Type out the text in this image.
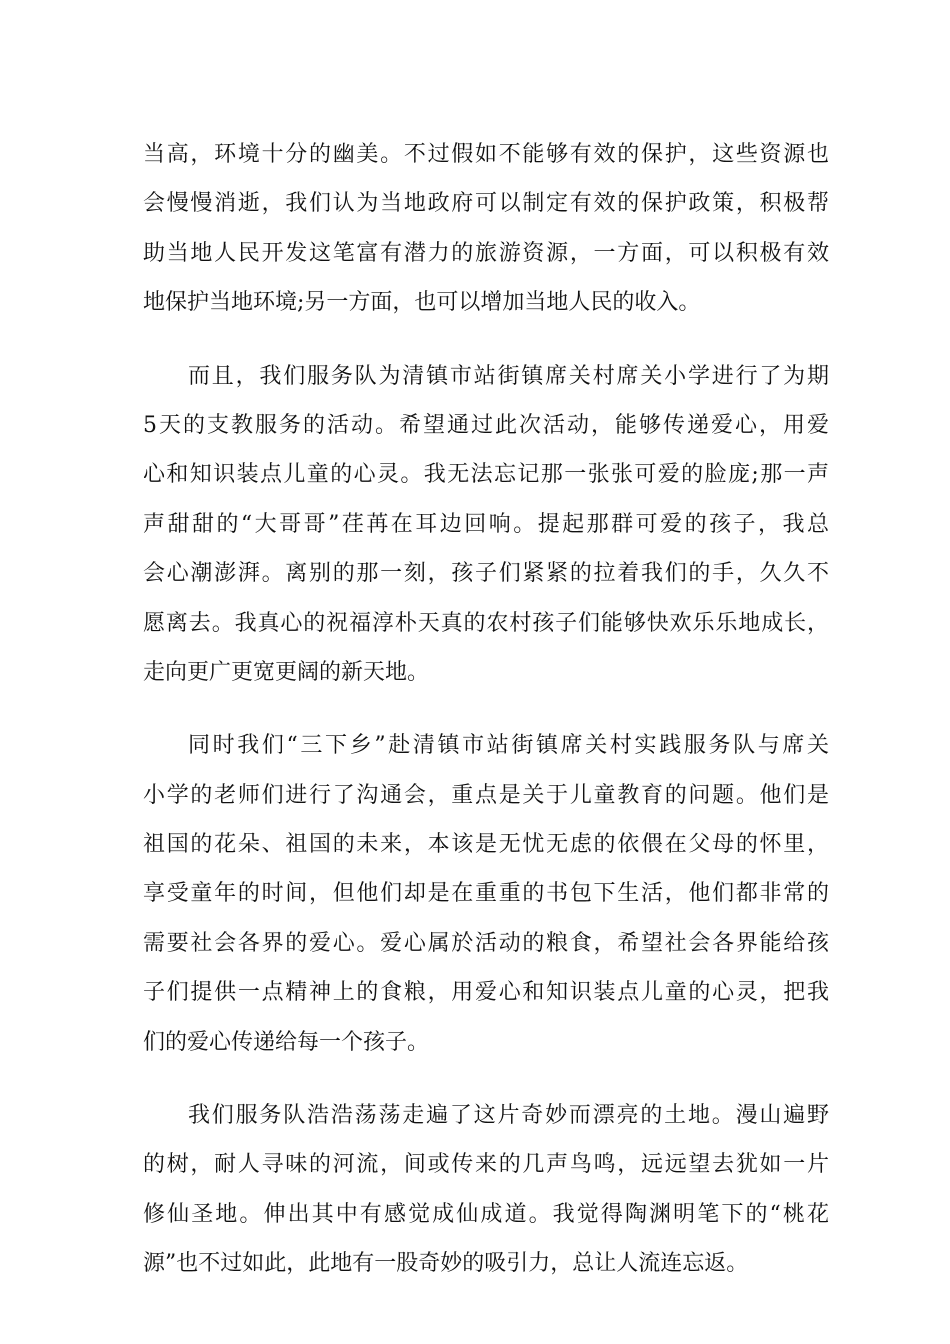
当高，环境十分的幽美。不过假如不能够有效的保护，这些资源也
会慢慢消逝，我们认为当地政府可以制定有效的保护政策，积极帮
助当地人民开发这笔富有潜力的旅游资源，一方面，可以积极有效
地保护当地环境;另一方面，也可以增加当地人民的收入。
而且，我们服务队为清镇市站街镇席关村席关小学进行了为期
5天的支教服务的活动。希望通过此次活动，能够传递爱心，用爱
心和知识装点儿童的心灵。我无法忘记那一张张可爱的脸庞;那一声
声甜甜的“大哥哥”荏苒在耳边回响。提起那群可爱的孩子，我总
会心潮澎湃。离别的那一刻，孩子们紧紧的拉着我们的手，久久不
愿离去。我真心的祝福淳朴天真的农村孩子们能够快欢乐乐地成长，
走向更广更宽更阔的新天地。
同时我们“三下乡”赴清镇市站街镇席关村实践服务队与席关
小学的老师们进行了沟通会，重点是关于儿童教育的问题。他们是
祖国的花朵、祖国的未来，本该是无忧无虑的依偎在父母的怀里，
享受童年的时间，但他们却是在重重的书包下生活，他们都非常的
需要社会各界的爱心。爱心属於活动的粮食，希望社会各界能给孩
子们提供一点精神上的食粮，用爱心和知识装点儿童的心灵，把我
们的爱心传递给每一个孩子。
我们服务队浩浩荡荡走遍了这片奇妙而漂亮的土地。漫山遍野
的树，耐人寻味的河流，间或传来的几声鸟鸣，远远望去犹如一片
修仙圣地。伸出其中有感觉成仙成道。我觉得陶渊明笔下的“桃花
源”也不过如此，此地有一股奇妙的吸引力，总让人流连忘返。
